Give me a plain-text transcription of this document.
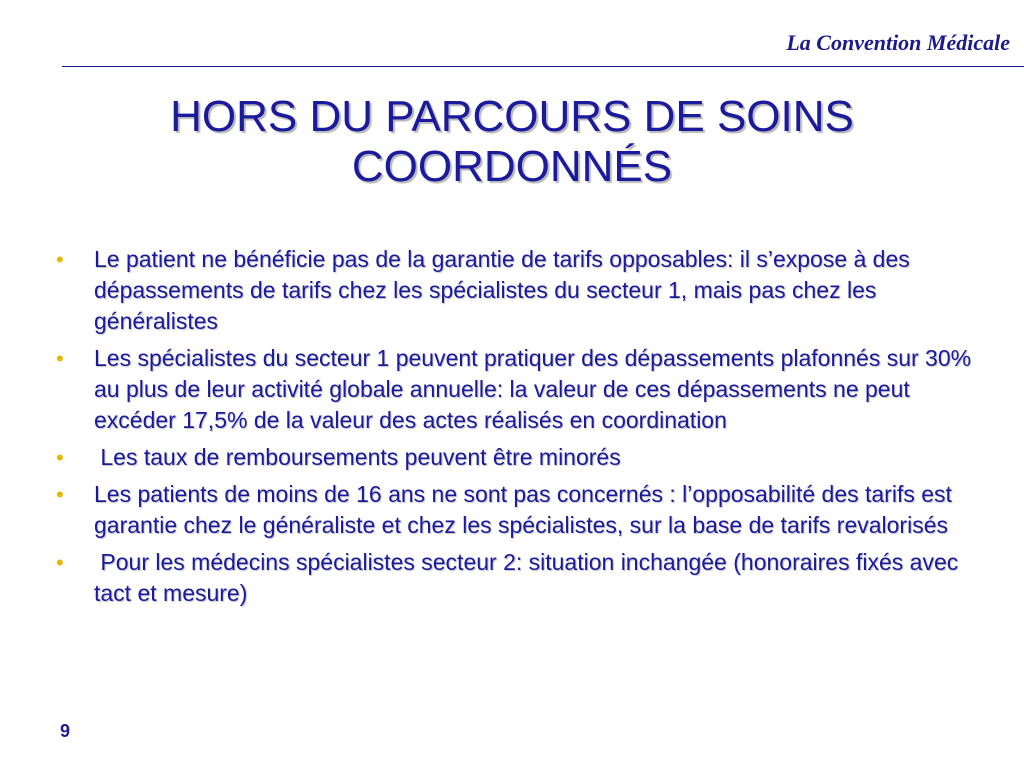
La Convention Médicale
HORS DU PARCOURS DE SOINS COORDONNÉS
• Le patient ne bénéficie pas de la garantie de tarifs opposables: il s’expose à des dépassements de tarifs chez les spécialistes du secteur 1, mais pas chez les généralistes
• Les spécialistes du secteur 1 peuvent pratiquer des dépassements plafonnés sur 30% au plus de leur activité globale annuelle: la valeur de ces dépassements ne peut excéder 17,5% de la valeur des actes réalisés en coordination
• Les taux de remboursements peuvent être minorés
• Les patients de moins de 16 ans ne sont pas concernés : l’opposabilité des tarifs est garantie chez le généraliste et chez les spécialistes, sur la base de tarifs revalorisés
• Pour les médecins spécialistes secteur 2: situation inchangée (honoraires fixés avec tact et mesure)
9
